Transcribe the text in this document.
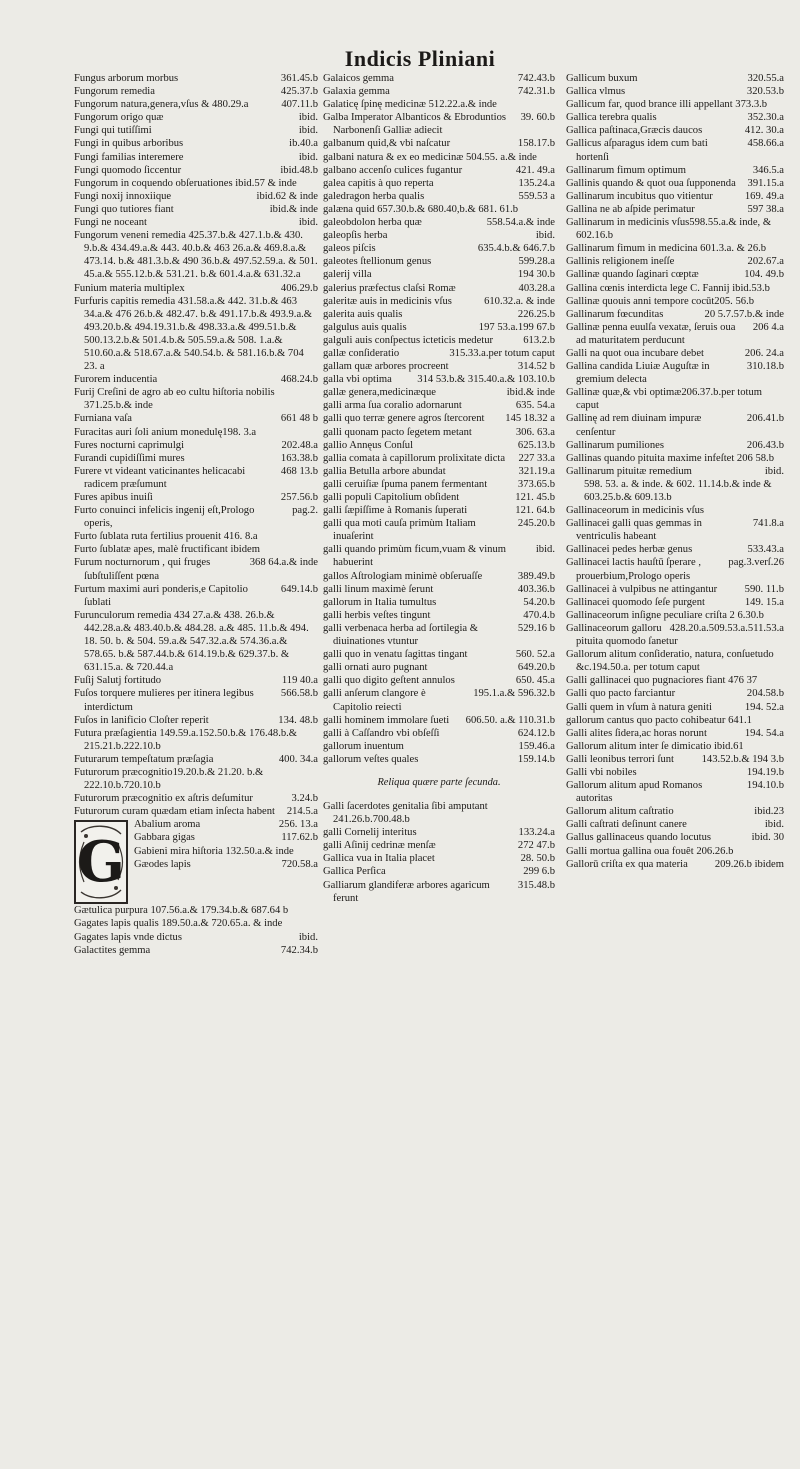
Indicis Pliniani
361.45.b
Fungus arborum morbus
425.37.b
Fungorum remedia
407.11.b
Fungorum natura,genera,vſus & 480.29.a
ibid.
Fungorum origo quæ
ibid.
Fungi qui tutiſſimi
ib.40.a
Fungi in quibus arboribus
ibid.
Fungi familias interemere
ibid.48.b
Fungi quomodo ſiccentur
Fungorum in coquendo obſeruationes ibid.57 & inde
ibid.62 & inde
Fungi noxij innoxiique
ibid.& inde
Fungi quo tutiores fiant
ibid.
Fungi ne noceant
Fungorum veneni remedia 425.37.b.& 427.1.b.& 430. 9.b.& 434.49.a.& 443. 40.b.& 463 26.a.& 469.8.a.& 473.14. b.& 481.3.b.& 490 36.b.& 497.52.59.a. & 501. 45.a.& 555.12.b.& 531.21. b.& 601.4.a.& 631.32.a
406.29.b
Funium materia multiplex
Furfuris capitis remedia 431.58.a.& 442. 31.b.& 463 34.a.& 476 26.b.& 482.47. b.& 491.17.b.& 493.9.a.& 493.20.b.& 494.19.31.b.& 498.33.a.& 499.51.b.& 500.13.2.b.& 501.4.b.& 505.59.a.& 508. 1.a.& 510.60.a.& 518.67.a.& 540.54.b. & 581.16.b.& 704 23. a
468.24.b
Furorem inducentia
Furij Creſini de agro ab eo cultu hiſtoria nobilis 371.25.b.& inde
661 48 b
Furniana vaſa
Furacitas auri ſoli anium monedulę198. 3.a
202.48.a
Fures nocturni caprimulgi
163.38.b
Furandi cupidiſſimi mures
468 13.b
Furere vt videant vaticinantes helicacabi radicem præſumunt
257.56.b
Fures apibus inuiſi
pag.2.
Furto conuinci infelicis ingenij eſt,Prologo operis,
Furto ſublata ruta fertilius prouenit 416. 8.a
Furto ſublatæ apes, malè fructificant ibidem
368 64.a.& inde
Furum nocturnorum , qui fruges ſubſtuliſſent pœna
649.14.b
Furtum maximi auri ponderis,e Capitolio ſublati
Furunculorum remedia 434 27.a.& 438. 26.b.& 442.28.a.& 483.40.b.& 484.28. a.& 485. 11.b.& 494. 18. 50. b. & 504. 59.a.& 547.32.a.& 574.36.a.& 578.65. b.& 587.44.b.& 614.19.b.& 629.37.b. & 631.15.a. & 720.44.a
119 40.a
Fuſij Salutj fortitudo
566.58.b
Fuſos torquere mulieres per itinera legibus interdictum
134. 48.b
Fuſos in lanificio Cloſter reperit
Futura præſagientia 149.59.a.152.50.b.& 176.48.b.& 215.21.b.222.10.b
400. 34.a
Futurarum tempeſtatum præſagia
Futurorum præcognitio19.20.b.& 21.20. b.& 222.10.b.720.10.b
3.24.b
Futurorum præcognitio ex aſtris deſumitur
214.5.a
Futurorum curam quædam etiam inſecta habent
G
256. 13.a
Abalium aroma
117.62.b
Gabbara gigas
Gabieni mira hiſtoria 132.50.a.& inde
720.58.a
Gæodes lapis
Gætulica purpura 107.56.a.& 179.34.b.& 687.64 b
Gagates lapis qualis 189.50.a.& 720.65.a. & inde
ibid.
Gagates lapis vnde dictus
742.34.b
Galactites gemma
742.43.b
Galaicos gemma
742.31.b
Galaxia gemma
Galaticę ſpinę medicinæ 512.22.a.& inde
39. 60.b
Galba Imperator Albanticos & Ebroduntios Narbonenſi Galliæ adiecit
158.17.b
galbanum quid,& vbi naſcatur
galbani natura & ex eo medicinæ 504.55. a.& inde
421. 49.a
galbano accenſo culices fugantur
135.24.a
galea capitis à quo reperta
559.53 a
galedragon herba qualis
galæna quid 657.30.b.& 680.40,b.& 681. 61.b
558.54.a.& inde
galeobdolon herba quæ
ibid.
galeopſis herba
635.4.b.& 646.7.b
galeos piſcis
599.28.a
galeotes ſtellionum genus
194 30.b
galerij villa
403.28.a
galerius præfectus claſsi Romæ
610.32.a. & inde
galeritæ auis in medicinis vſus
226.25.b
galerita auis qualis
197 53.a.199 67.b
galgulus auis qualis
613.2.b
galguli auis conſpectus icteticis medetur
315.33.a.per totum caput
gallæ conſideratio
314.52 b
gallam quæ arbores procreent
314 53.b.& 315.40.a.& 103.10.b
galla vbi optima
ibid.& inde
gallæ genera,medicinæque
635. 54.a
galli arma ſua coralio adornarunt
145 18.32 a
galli quo terræ genere agros ſtercorent
306. 63.a
galli quonam pacto ſegetem metant
625.13.b
gallio Annęus Conſul
227 33.a
gallia comata à capillorum prolixitate dicta
321.19.a
gallia Betulla arbore abundat
373.65.b
galli ceruiſiæ ſpuma panem fermentant
121. 45.b
galli populi Capitolium obſident
121. 64.b
galli ſæpiſſime à Romanis ſuperati
245.20.b
galli qua moti cauſa primùm Italiam inuaſerint
ibid.
galli quando primùm ficum,vuam & vinum habuerint
389.49.b
gallos Aſtrologiam minimè obſeruaſſe
403.36.b
galli linum maximè ſerunt
54.20.b
gallorum in Italia tumultus
470.4.b
galli herbis veſtes tingunt
529.16 b
galli verbenaca herba ad ſortilegia & diuinationes vtuntur
560. 52.a
galli quo in venatu ſagittas tingant
649.20.b
galli ornati auro pugnant
650. 45.a
galli quo digito geſtent annulos
195.1.a.& 596.32.b
galli anſerum clangore è Capitolio reiecti
606.50. a.& 110.31.b
galli hominem immolare ſueti
624.12.b
galli à Caſſandro vbi obſeſſi
159.46.a
gallorum inuentum
159.14.b
gallorum veſtes quales
Reliqua quære parte ſecunda.
Galli ſacerdotes genitalia ſibi amputant 241.26.b.700.48.b
133.24.a
galli Cornelij interitus
272 47.b
galli Aſinij cedrinæ menſæ
28. 50.b
Gallica vua in Italia placet
299 6.b
Gallica Perſica
315.48.b
Galliarum glandiferæ arbores agaricum ferunt
320.55.a
Gallicum buxum
320.53.b
Gallica vlmus
Gallicum far, quod brance illi appellant 373.3.b
352.30.a
Gallica terebra qualis
412. 30.a
Gallica paſtinaca,Græcis daucos
458.66.a
Gallicus aſparagus idem cum bati hortenſi
346.5.a
Gallinarum fimum optimum
391.15.a
Gallinis quando & quot oua ſupponenda
169. 49.a
Gallinarum incubitus quo vitientur
597 38.a
Gallina ne ab aſpide perimatur
Gallinarum in medicinis vſus598.55.a.& inde, & 602.16.b
Gallinarum fimum in medicina 601.3.a. & 26.b
202.67.a
Gallinis religionem ineſſe
104. 49.b
Gallinæ quando ſaginari cœptæ
Gallina cœnis interdicta lege C. Fannij ibid.53.b
Gallinæ quouis anni tempore cocūt205. 56.b
20 5.7.57.b.& inde
Gallinarum fœcunditas
206 4.a
Gallinæ penna euulſa vexatæ, ſeruis oua ad maturitatem perducunt
206. 24.a
Galli na quot oua incubare debet
310.18.b
Gallina candida Liuiæ Auguſtæ in gremium delecta
Gallinæ quæ,& vbi optimæ206.37.b.per totum caput
206.41.b
Gallinę ad rem diuinam impuræ cenſentur
206.43.b
Gallinarum pumiliones
Gallinas quando pituita maxime infeſtet 206 58.b
ibid.
Gallinarum pituitæ remedium
598. 53. a. & inde. & 602. 11.14.b.& inde & 603.25.b.& 609.13.b
Gallinaceorum in medicinis vſus
741.8.a
Gallinacei galli quas gemmas in ventriculis habeant
533.43.a
Gallinacei pedes herbæ genus
pag.3.verſ.26
Gallinacei lactis hauſtū ſperare , prouerbium,Prologo operis
590. 11.b
Gallinacei à vulpibus ne attingantur
149. 15.a
Gallinacei quomodo ſeſe purgent
Gallinaceorum inſigne peculiare criſta 2 6.30.b
428.20.a.509.53.a.511.53.a
Gallinaceorum galloru pituita quomodo ſanetur
Gallorum alitum conſideratio, natura, conſuetudo &c.194.50.a. per totum caput
Galli gallinacei quo pugnaciores fiant 476 37
204.58.b
Galli quo pacto farciantur
194. 52.a
Galli quem in vſum à natura geniti
gallorum cantus quo pacto cohibeatur 641.1
194. 54.a
Galli alites ſidera,ac horas norunt
Gallorum alitum inter ſe dimicatio ibid.61
143.52.b.& 194 3.b
Galli leonibus terrori ſunt
194.19.b
Galli vbi nobiles
194.10.b
Gallorum alitum apud Romanos autoritas
ibid.23
Gallorum alitum caſtratio
ibid.
Galli caſtrati deſinunt canere
ibid. 30
Gallus gallinaceus quando locutus
Galli mortua gallina oua fouêt 206.26.b
209.26.b ibidem
Gallorū criſta ex qua materia
